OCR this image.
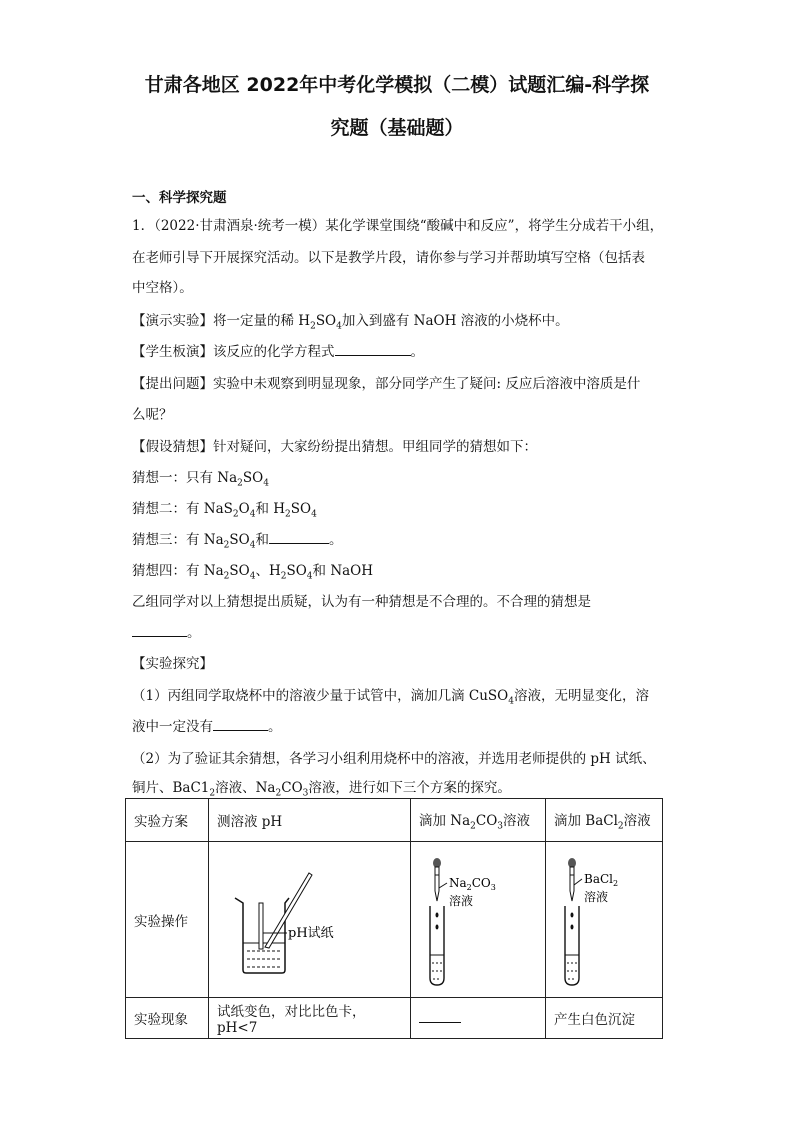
甘肃各地区 2022年中考化学模拟（二模）试题汇编-科学探
究题（基础题）
一、科学探究题
1．（2022·甘肃酒泉·统考一模）某化学课堂围绕“酸碱中和反应”，将学生分成若干小组，
在老师引导下开展探究活动。以下是教学片段，请你参与学习并帮助填写空格（包括表
中空格）。
【演示实验】将一定量的稀 $H_2SO_4$加入到盛有 NaOH 溶液的小烧杯中。
【学生板演】该反应的化学方程式	。
【提出问题】实验中未观察到明显现象，部分同学产生了疑问: 反应后溶液中溶质是什
么呢？
【假设猜想】针对疑问，大家纷纷提出猜想。甲组同学的猜想如下：
猜想一：只有 $Na_2SO_4$
猜想二：有 $NaS_2O_4$和 $H_2SO_4$
猜想三：有 $Na_2SO_4$和	。
猜想四：有 $Na_2SO_4$、$H_2SO_4$和 NaOH
乙组同学对以上猜想提出质疑，认为有一种猜想是不合理的。不合理的猜想是
。
【实验探究】
（1）丙组同学取烧杯中的溶液少量于试管中，滴加几滴 CuSO$_4$溶液，无明显变化，溶
液中一定没有	。
（2）为了验证其余猜想，各学习小组利用烧杯中的溶液，并选用老师提供的 pH 试纸、
铜片、$BaC1_2$溶液、$Na_2CO_3$溶液，进行如下三个方案的探究。
实验方案	测溶液 pH	滴加 $Na_2CO_3$溶液	滴加 BaCl$_2$溶液
实验操作	pH试纸	$Na_2CO_3$
溶液	BaCl$_2$
溶液

实验现象	试纸变色，对比比色卡，pH<7		产生白色沉淀
